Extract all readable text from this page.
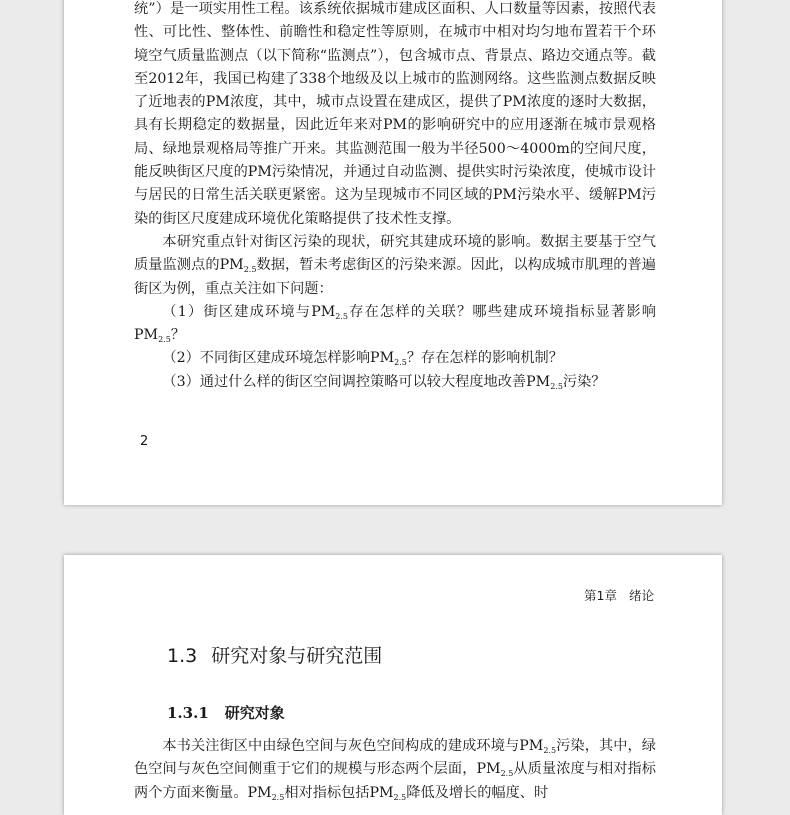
统”）是一项实用性工程。该系统依据城市建成区面积、人口数量等因素，按照代表性、可比性、整体性、前瞻性和稳定性等原则，在城市中相对均匀地布置若干个环境空气质量监测点（以下简称“监测点”），包含城市点、背景点、路边交通点等。截至2012年，我国已构建了338个地级及以上城市的监测网络。这些监测点数据反映了近地表的PM浓度，其中，城市点设置在建成区，提供了PM浓度的逐时大数据，具有长期稳定的数据量，因此近年来对PM的影响研究中的应用逐渐在城市景观格局、绿地景观格局等推广开来。其监测范围一般为半径500～4000m的空间尺度，能反映街区尺度的PM污染情况，并通过自动监测、提供实时污染浓度，使城市设计与居民的日常生活关联更紧密。这为呈现城市不同区域的PM污染水平、缓解PM污染的街区尺度建成环境优化策略提供了技术性支撑。

本研究重点针对街区污染的现状，研究其建成环境的影响。数据主要基于空气质量监测点的$PM_{2.5}$数据，暂未考虑街区的污染来源。因此，以构成城市肌理的普遍街区为例，重点关注如下问题：

（1）街区建成环境与$PM_{2.5}$存在怎样的关联？哪些建成环境指标显著影响$PM_{2.5}$？

（2）不同街区建成环境怎样影响$PM_{2.5}$？存在怎样的影响机制？

（3）通过什么样的街区空间调控策略可以较大程度地改善$PM_{2.5}$污染？

2
第1章 绪论
1.3 研究对象与研究范围
1.3.1 研究对象

本书关注街区中由绿色空间与灰色空间构成的建成环境与$PM_{2.5}$污染，其中，绿色空间与灰色空间侧重于它们的规模与形态两个层面，$PM_{2.5}$从质量浓度与相对指标两个方面来衡量。$PM_{2.5}$相对指标包括$PM_{2.5}$降低及增长的幅度、时
